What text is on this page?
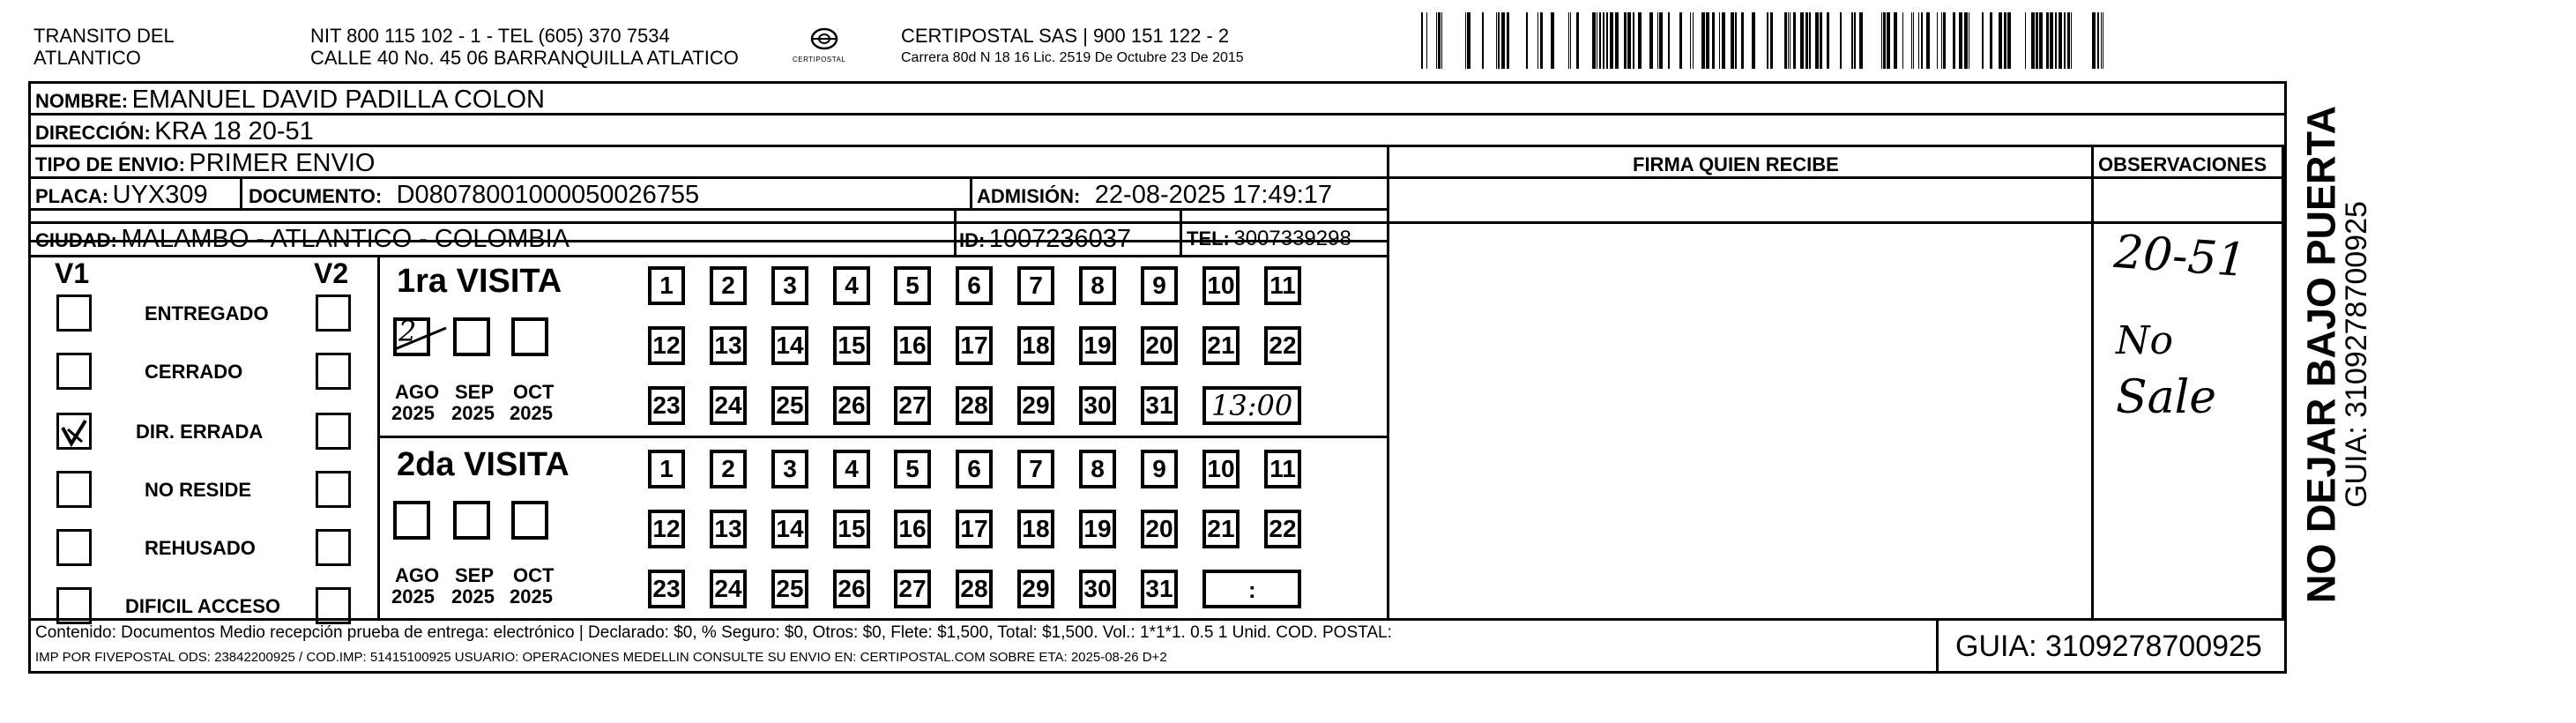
TRANSITO DEL
ATLANTICO
NIT 800 115 102 - 1 - TEL (605) 370 7534
CALLE 40 No. 45 06 BARRANQUILLA ATLATICO	CERTIPOSTAL
CERTIPOSTAL SAS | 900 151 122 - 2
Carrera 80d N 18 16 Lic. 2519 De Octubre 23 De 2015
NOMBRE: EMANUEL DAVID PADILLA COLON
DIRECCIÓN: KRA 18 20-51
TIPO DE ENVIO: PRIMER ENVIO	FIRMA QUIEN RECIBE	OBSERVACIONES
PLACA: UYX309 DOCUMENTO: D08078001000050026755	ADMISIÓN: 22-08-2025 17:49:17
CIUDAD: MALAMBO - ATLANTICO - COLOMBIA	ID: 1007236037	TEL: 3007339298
V1	V2
ENTREGADO
CERRADO
DIR. ERRADA
NO RESIDE
REHUSADO
DIFICIL ACCESO
1ra VISITA
2da VISITA
2
AGO
2025
SEP
2025
OCT
2025
1	2	3	4	5	6	7	8	9	10 11
12 13 14 15 16 17 18 19 20 21 22
23 24 25 26 27 28 29 30 31 13:00
AGO
2025
SEP
2025
OCT
2025
1	2	3	4	5	6	7	8	9	10 11
12 13 14 15 16 17 18 19 20 21 22
23 24 25 26 27 28 29 30 31	:
20-51
No
Sale NO DEJAR BAJO PUERTA
GUIA: 3109278700925
Contenido: Documentos Medio recepción prueba de entrega: electrónico | Declarado: $0, % Seguro: $0, Otros: $0, Flete: $1,500, Total: $1,500. Vol.: 1*1*1. 0.5 1 Unid. COD. POSTAL:
IMP POR FIVEPOSTAL ODS: 23842200925 / COD.IMP: 51415100925 USUARIO: OPERACIONES MEDELLIN CONSULTE SU ENVIO EN: CERTIPOSTAL.COM SOBRE ETA: 2025-08-26 D+2	GUIA: 3109278700925
